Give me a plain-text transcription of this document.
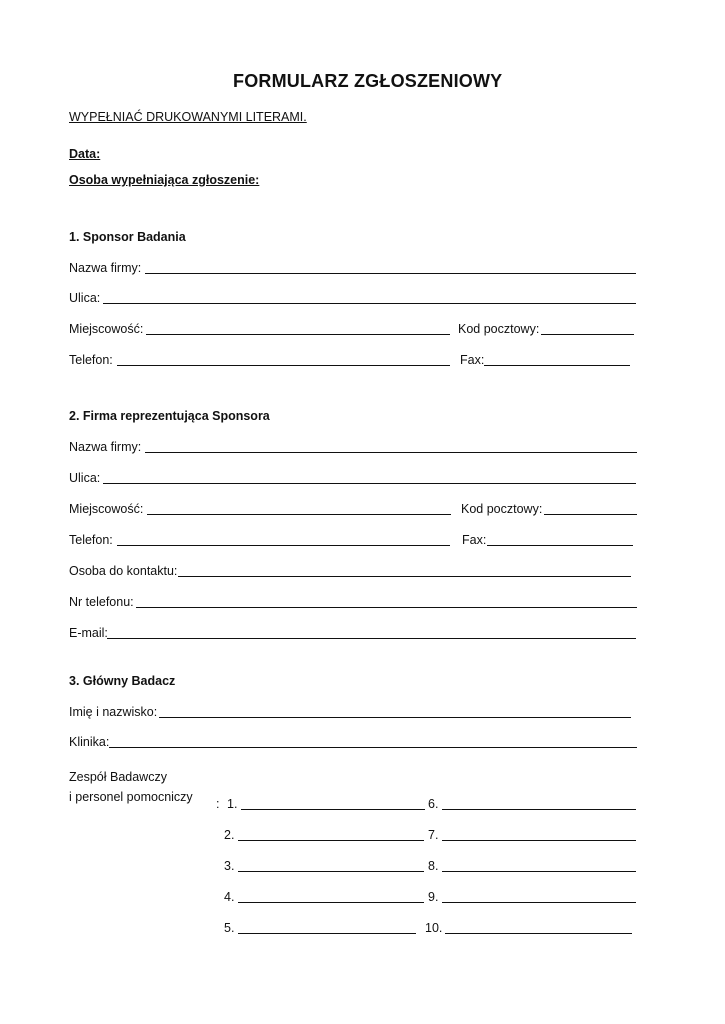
FORMULARZ ZGŁOSZENIOWY
WYPEŁNIAĆ DRUKOWANYMI LITERAMI.
Data:
Osoba wypełniająca zgłoszenie:
1. Sponsor Badania
Nazwa firmy:
Ulica:
Miejscowość:	Kod pocztowy:
Telefon:	Fax:
2. Firma reprezentująca Sponsora
Nazwa firmy:
Ulica:
Miejscowość:	Kod pocztowy:
Telefon:	Fax:
Osoba do kontaktu:
Nr telefonu:
E-mail:
3. Główny Badacz
Imię i nazwisko:
Klinika:
Zespół Badawczy
i personel pomocniczy : 1.
2.
3.
4.
5.
6.
7.
8.
9.
10.
